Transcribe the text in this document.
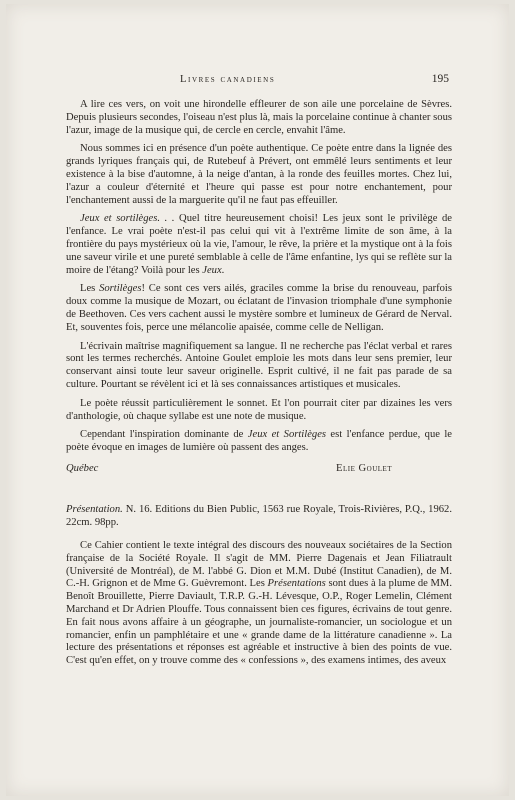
Livres canadiens	195

A lire ces vers, on voit une hirondelle effleurer de son aile une porcelaine de Sèvres. Depuis plusieurs secondes, l'oiseau n'est plus là, mais la porcelaine continue à chanter sous l'azur, image de la musique qui, de cercle en cercle, envahit l'âme.

Nous sommes ici en présence d'un poète authentique. Ce poète entre dans la lignée des grands lyriques français qui, de Rutebeuf à Prévert, ont emmêlé leurs sentiments et leur existence à la bise d'automne, à la neige d'antan, à la ronde des feuilles mortes. Chez lui, l'azur a couleur d'éternité et l'heure qui passe est pour notre enchantement, pour l'enchantement aussi de la marguerite qu'il ne faut pas effeuiller.

Jeux et sortilèges. . . Quel titre heureusement choisi! Les jeux sont le privilège de l'enfance. Le vrai poète n'est-il pas celui qui vit à l'extrême limite de son âme, à la frontière du pays mystérieux où la vie, l'amour, le rêve, la prière et la mystique ont à la fois une saveur virile et une pureté semblable à celle de l'âme enfantine, lys qui se reflète sur la moire de l'étang? Voilà pour les Jeux.

Les Sortilèges! Ce sont ces vers ailés, graciles comme la brise du renouveau, parfois doux comme la musique de Mozart, ou éclatant de l'invasion triomphale d'une symphonie de Beethoven. Ces vers cachent aussi le mystère sombre et lumineux de Gérard de Nerval. Et, souventes fois, perce une mélancolie apaisée, comme celle de Nelligan.

L'écrivain maîtrise magnifiquement sa langue. Il ne recherche pas l'éclat verbal et rares sont les termes recherchés. Antoine Goulet emploie les mots dans leur sens premier, leur conservant ainsi toute leur saveur originelle. Esprit cultivé, il ne fait pas parade de sa culture. Pourtant se révèlent ici et là ses connaissances artistiques et musicales.

Le poète réussit particulièrement le sonnet. Et l'on pourrait citer par dizaines les vers d'anthologie, où chaque syllabe est une note de musique.

Cependant l'inspiration dominante de Jeux et Sortilèges est l'enfance perdue, que le poète évoque en images de lumière où passent des anges.

Québec	Elie Goulet
Présentation. N. 16. Editions du Bien Public, 1563 rue Royale, Trois-Rivières, P.Q., 1962. 22cm. 98pp.

Ce Cahier contient le texte intégral des discours des nouveaux sociétaires de la Section française de la Société Royale. Il s'agit de MM. Pierre Dagenais et Jean Filiatrault (Université de Montréal), de M. l'abbé G. Dion et M.M. Dubé (Institut Canadien), de M. C.-H. Grignon et de Mme G. Guèvremont. Les Présentations sont dues à la plume de MM. Benoît Brouillette, Pierre Daviault, T.R.P. G.-H. Lévesque, O.P., Roger Lemelin, Clément Marchand et Dr Adrien Plouffe. Tous connaissent bien ces figures, écrivains de tout genre. En fait nous avons affaire à un géographe, un journaliste-romancier, un sociologue et un romancier, enfin un pamphlétaire et une « grande dame de la littérature canadienne ». La lecture des présentations et réponses est agréable et instructive à bien des points de vue. C'est qu'en effet, on y trouve comme des « confessions », des examens intimes, des aveux
